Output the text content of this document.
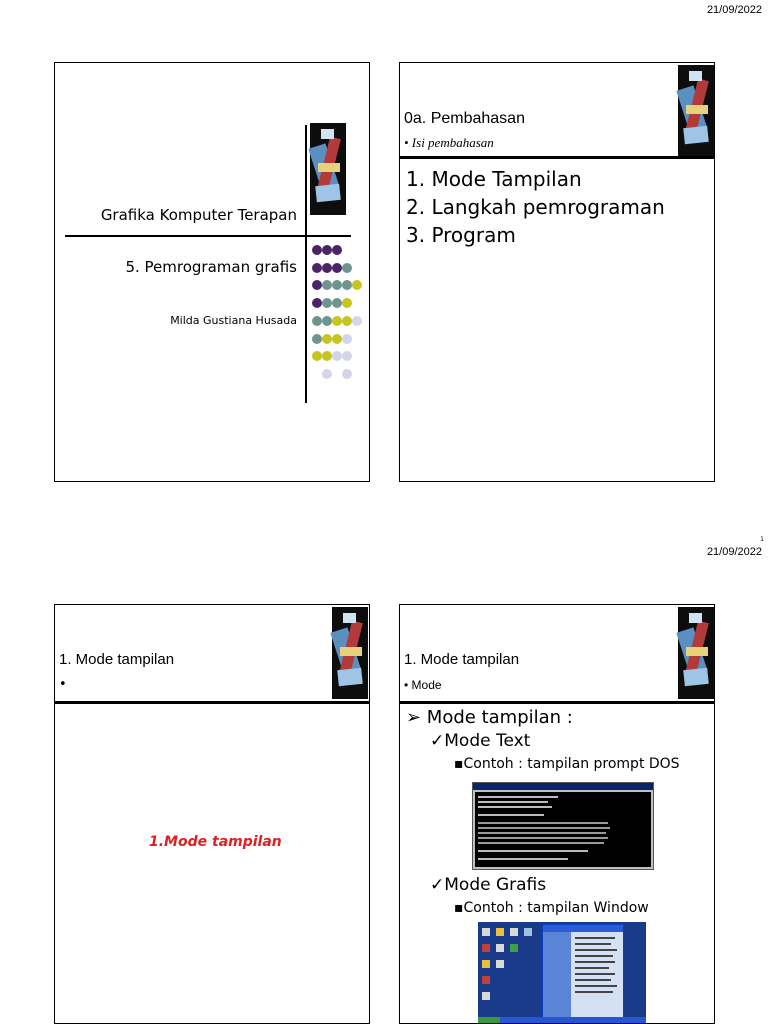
21/09/2022
1
21/09/2022
Grafika Komputer Terapan
5. Pemrograman grafis
Milda Gustiana Husada
0a. Pembahasan
• Isi pembahasan
1. Mode Tampilan
2. Langkah pemrograman
3. Program
1. Mode tampilan
•
1.Mode tampilan
1. Mode tampilan
• Mode
➢ Mode tampilan :
✓Mode Text
▪Contoh : tampilan prompt DOS
✓Mode Grafis
▪Contoh : tampilan Window
